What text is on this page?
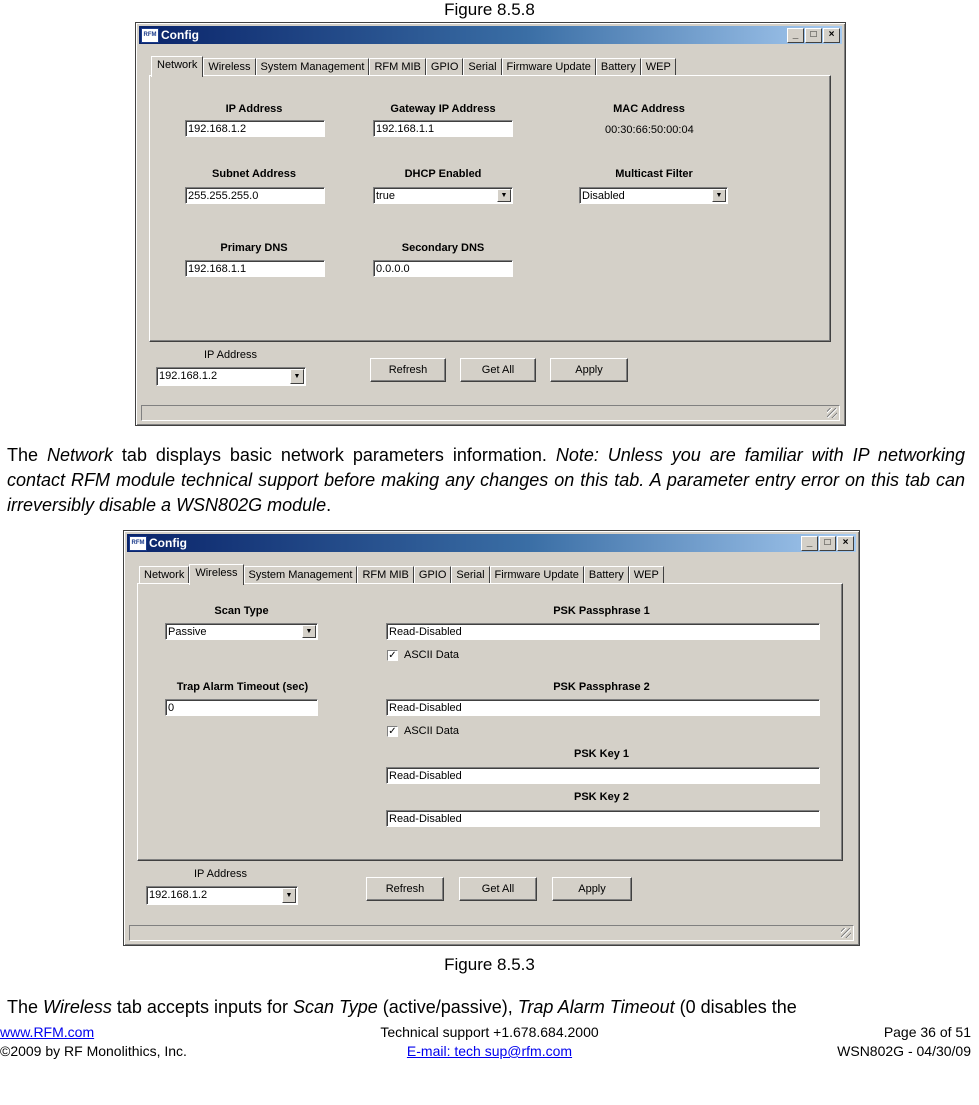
Figure 8.5.8
RFM Config	_	□	×
Network	Wireless System Management RFM MIB GPIO Serial Firmware Update Battery WEP
IP Address
192.168.1.2
Gateway IP Address
192.168.1.1
MAC Address
00:30:66:50:00:04
Subnet Address
255.255.255.0
DHCP Enabled
true	▼
Multicast Filter
Disabled	▼
Primary DNS
192.168.1.1
Secondary DNS
0.0.0.0
IP Address
192.168.1.2	▼
Refresh	Get All	Apply
The Network tab displays basic network parameters information. Note: Unless you are familiar with IP networking contact RFM module technical support before making any changes on this tab. A parameter entry error on this tab can irreversibly disable a WSN802G module.
RFM Config	_	□	×
Network	Wireless	System Management RFM MIB GPIO Serial Firmware Update Battery WEP
Scan Type
Passive	▼
Trap Alarm Timeout (sec)
0
PSK Passphrase 1
Read-Disabled
✓ ASCII Data
PSK Passphrase 2
Read-Disabled
✓ ASCII Data
PSK Key 1
Read-Disabled
PSK Key 2
Read-Disabled
IP Address
192.168.1.2	▼
Refresh	Get All	Apply
Figure 8.5.3
The Wireless tab accepts inputs for Scan Type (active/passive), Trap Alarm Timeout (0 disables the
www.RFM.com
©2009 by RF Monolithics, Inc.
Technical support +1.678.684.2000
E-mail: tech sup@rfm.com
Page 36 of 51
WSN802G - 04/30/09
